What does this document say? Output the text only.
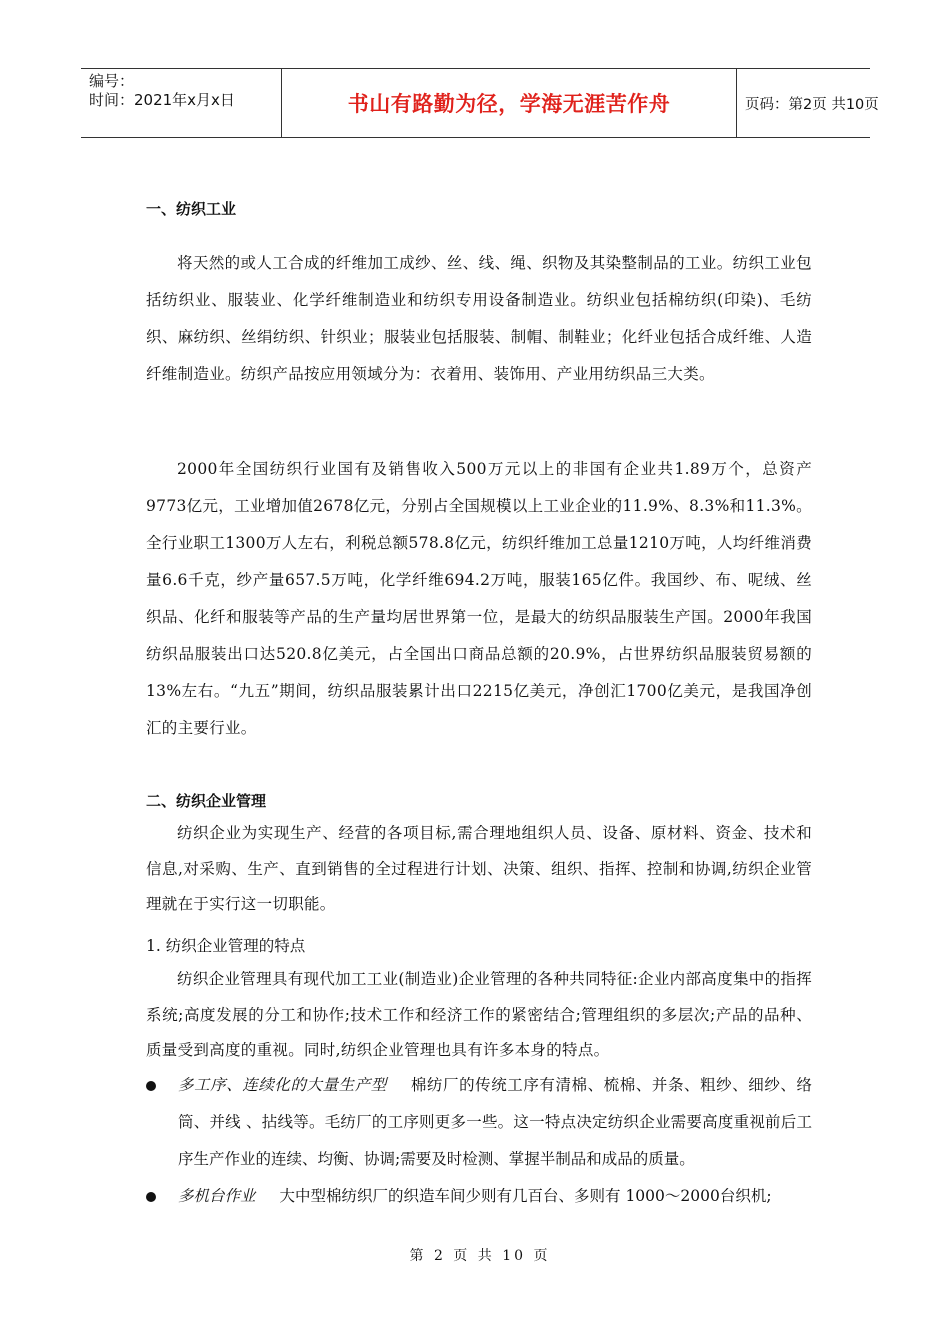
编号：
时间：2021年x月x日	书山有路勤为径，学海无涯苦作舟	页码：第2页 共10页
一、纺织工业
将天然的或人工合成的纤维加工成纱、丝、线、绳、织物及其染整制品的工业。纺织工业包括纺织业、服装业、化学纤维制造业和纺织专用设备制造业。纺织业包括棉纺织(印染)、毛纺织、麻纺织、丝绢纺织、针织业；服装业包括服装、制帽、制鞋业；化纤业包括合成纤维、人造纤维制造业。纺织产品按应用领域分为：衣着用、装饰用、产业用纺织品三大类。
2000年全国纺织行业国有及销售收入500万元以上的非国有企业共1.89万个，总资产9773亿元，工业增加值2678亿元，分别占全国规模以上工业企业的11.9%、8.3%和11.3%。全行业职工1300万人左右，利税总额578.8亿元，纺织纤维加工总量1210万吨，人均纤维消费量6.6千克，纱产量657.5万吨，化学纤维694.2万吨，服装165亿件。我国纱、布、呢绒、丝织品、化纤和服装等产品的生产量均居世界第一位，是最大的纺织品服装生产国。2000年我国纺织品服装出口达520.8亿美元，占全国出口商品总额的20.9%，占世界纺织品服装贸易额的13%左右。“九五”期间，纺织品服装累计出口2215亿美元，净创汇1700亿美元，是我国净创汇的主要行业。
二、纺织企业管理
纺织企业为实现生产、经营的各项目标,需合理地组织人员、设备、原材料、资金、技术和信息,对采购、生产、直到销售的全过程进行计划、决策、组织、指挥、控制和协调,纺织企业管理就在于实行这一切职能。
1. 纺织企业管理的特点
纺织企业管理具有现代加工工业(制造业)企业管理的各种共同特征:企业内部高度集中的指挥系统;高度发展的分工和协作;技术工作和经济工作的紧密结合;管理组织的多层次;产品的品种、质量受到高度的重视。同时,纺织企业管理也具有许多本身的特点。
多工序、连续化的大量生产型 棉纺厂的传统工序有清棉、梳棉、并条、粗纱、细纱、络筒、并线 、拈线等。毛纺厂的工序则更多一些。这一特点决定纺织企业需要高度重视前后工序生产作业的连续、均衡、协调;需要及时检测、掌握半制品和成品的质量。
多机台作业 大中型棉纺织厂的织造车间少则有几百台、多则有 1000～2000台织机;
第 2 页 共 10 页
